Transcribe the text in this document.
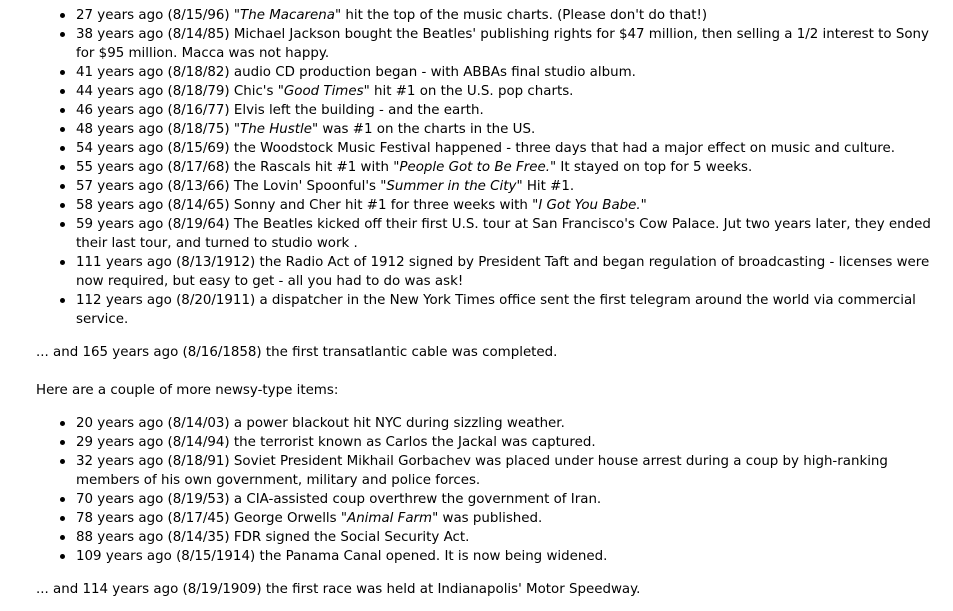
27 years ago (8/15/96) "The Macarena" hit the top of the music charts. (Please don't do that!)
38 years ago (8/14/85) Michael Jackson bought the Beatles' publishing rights for $47 million, then selling a 1/2 interest to Sony for $95 million. Macca was not happy.
41 years ago (8/18/82) audio CD production began - with ABBAs final studio album.
44 years ago (8/18/79) Chic's "Good Times" hit #1 on the U.S. pop charts.
46 years ago (8/16/77) Elvis left the building - and the earth.
48 years ago (8/18/75) "The Hustle" was #1 on the charts in the US.
54 years ago (8/15/69) the Woodstock Music Festival happened - three days that had a major effect on music and culture.
55 years ago (8/17/68) the Rascals hit #1 with "People Got to Be Free." It stayed on top for 5 weeks.
57 years ago (8/13/66) The Lovin' Spoonful's "Summer in the City" Hit #1.
58 years ago (8/14/65) Sonny and Cher hit #1 for three weeks with "I Got You Babe."
59 years ago (8/19/64) The Beatles kicked off their first U.S. tour at San Francisco's Cow Palace. Jut two years later, they ended their last tour, and turned to studio work .
111 years ago (8/13/1912) the Radio Act of 1912 signed by President Taft and began regulation of broadcasting - licenses were now required, but easy to get - all you had to do was ask!
112 years ago (8/20/1911) a dispatcher in the New York Times office sent the first telegram around the world via commercial service.

... and 165 years ago (8/16/1858) the first transatlantic cable was completed.

Here are a couple of more newsy-type items:

20 years ago (8/14/03) a power blackout hit NYC during sizzling weather.
29 years ago (8/14/94) the terrorist known as Carlos the Jackal was captured.
32 years ago (8/18/91) Soviet President Mikhail Gorbachev was placed under house arrest during a coup by high-ranking members of his own government, military and police forces.
70 years ago (8/19/53) a CIA-assisted coup overthrew the government of Iran.
78 years ago (8/17/45) George Orwells "Animal Farm" was published.
88 years ago (8/14/35) FDR signed the Social Security Act.
109 years ago (8/15/1914) the Panama Canal opened. It is now being widened.

... and 114 years ago (8/19/1909) the first race was held at Indianapolis' Motor Speedway.
